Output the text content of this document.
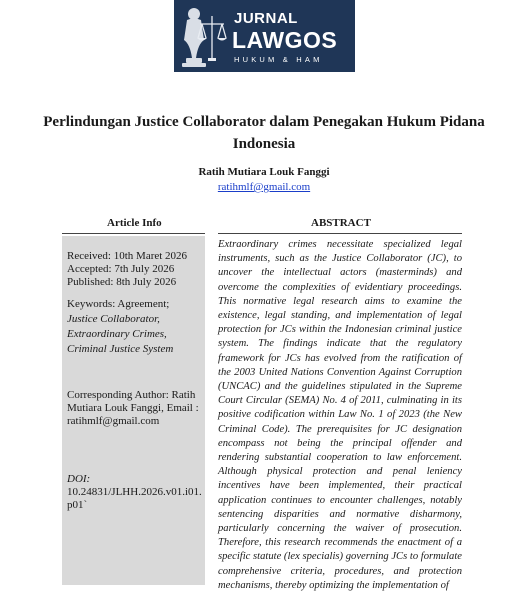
JURNAL
LAWGOS
HUKUM & HAM
Perlindungan Justice Collaborator dalam Penegakan Hukum Pidana Indonesia
Ratih Mutiara Louk Fanggi
ratihmlf@gmail.com
Article Info	ABSTRACT
Received: 10th Maret 2026
Accepted: 7th July 2026
Published: 8th July 2026
Keywords: Agreement;
Justice Collaborator,
Extraordinary Crimes,
Criminal Justice System
Corresponding Author: Ratih Mutiara Louk Fanggi, Email : ratihmlf@gmail.com
DOI:
10.24831/JLHH.2026.v01.i01.p01`
Extraordinary crimes necessitate specialized legal instruments, such as the Justice Collaborator (JC), to uncover the intellectual actors (masterminds) and overcome the complexities of evidentiary proceedings. This normative legal research aims to examine the existence, legal standing, and implementation of legal protection for JCs within the Indonesian criminal justice system. The findings indicate that the regulatory framework for JCs has evolved from the ratification of the 2003 United Nations Convention Against Corruption (UNCAC) and the guidelines stipulated in the Supreme Court Circular (SEMA) No. 4 of 2011, culminating in its positive codification within Law No. 1 of 2023 (the New Criminal Code). The prerequisites for JC designation encompass not being the principal offender and rendering substantial cooperation to law enforcement. Although physical protection and penal leniency incentives have been implemented, their practical application continues to encounter challenges, notably sentencing disparities and normative disharmony, particularly concerning the waiver of prosecution. Therefore, this research recommends the enactment of a specific statute (lex specialis) governing JCs to formulate comprehensive criteria, procedures, and protection mechanisms, thereby optimizing the implementation of
